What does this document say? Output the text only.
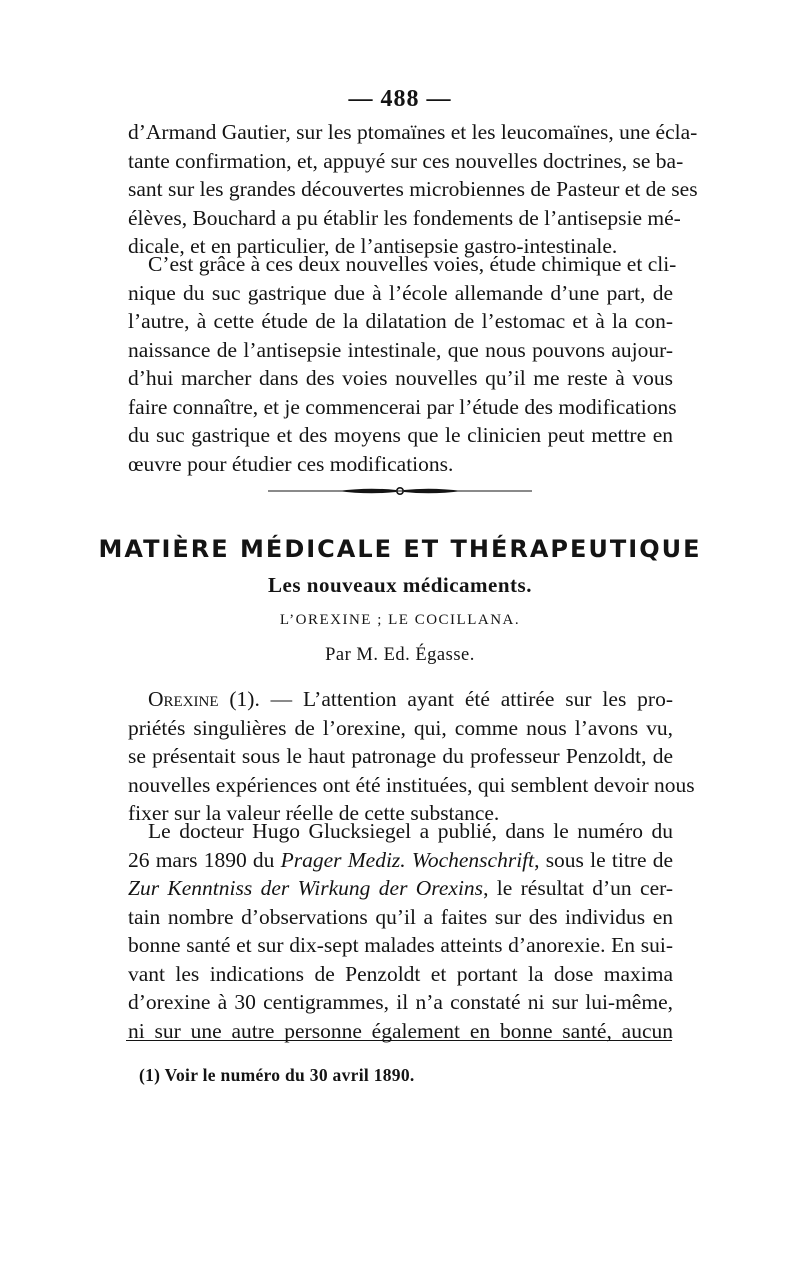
— 488 —
d’Armand Gautier, sur les ptomaïnes et les leucomaïnes, une écla-
tante confirmation, et, appuyé sur ces nouvelles doctrines, se ba-
sant sur les grandes découvertes microbiennes de Pasteur et de ses
élèves, Bouchard a pu établir les fondements de l’antisepsie mé-
dicale, et en particulier, de l’antisepsie gastro-intestinale.
C’est grâce à ces deux nouvelles voies, étude chimique et cli-
nique du suc gastrique due à l’école allemande d’une part, de
l’autre, à cette étude de la dilatation de l’estomac et à la con-
naissance de l’antisepsie intestinale, que nous pouvons aujour-
d’hui marcher dans des voies nouvelles qu’il me reste à vous
faire connaître, et je commencerai par l’étude des modifications
du suc gastrique et des moyens que le clinicien peut mettre en
œuvre pour étudier ces modifications.
MATIÈRE MÉDICALE ET THÉRAPEUTIQUE
Les nouveaux médicaments.
L’OREXINE ; LE COCILLANA.
Par M. Ed. Égasse.
Orexine (1). — L’attention ayant été attirée sur les pro-
priétés singulières de l’orexine, qui, comme nous l’avons vu,
se présentait sous le haut patronage du professeur Penzoldt, de
nouvelles expériences ont été instituées, qui semblent devoir nous
fixer sur la valeur réelle de cette substance.
Le docteur Hugo Glucksiegel a publié, dans le numéro du
26 mars 1890 du Prager Mediz. Wochenschrift, sous le titre de
Zur Kenntniss der Wirkung der Orexins, le résultat d’un cer-
tain nombre d’observations qu’il a faites sur des individus en
bonne santé et sur dix-sept malades atteints d’anorexie. En sui-
vant les indications de Penzoldt et portant la dose maxima
d’orexine à 30 centigrammes, il n’a constaté ni sur lui-même,
ni sur une autre personne également en bonne santé, aucun
(1) Voir le numéro du 30 avril 1890.
